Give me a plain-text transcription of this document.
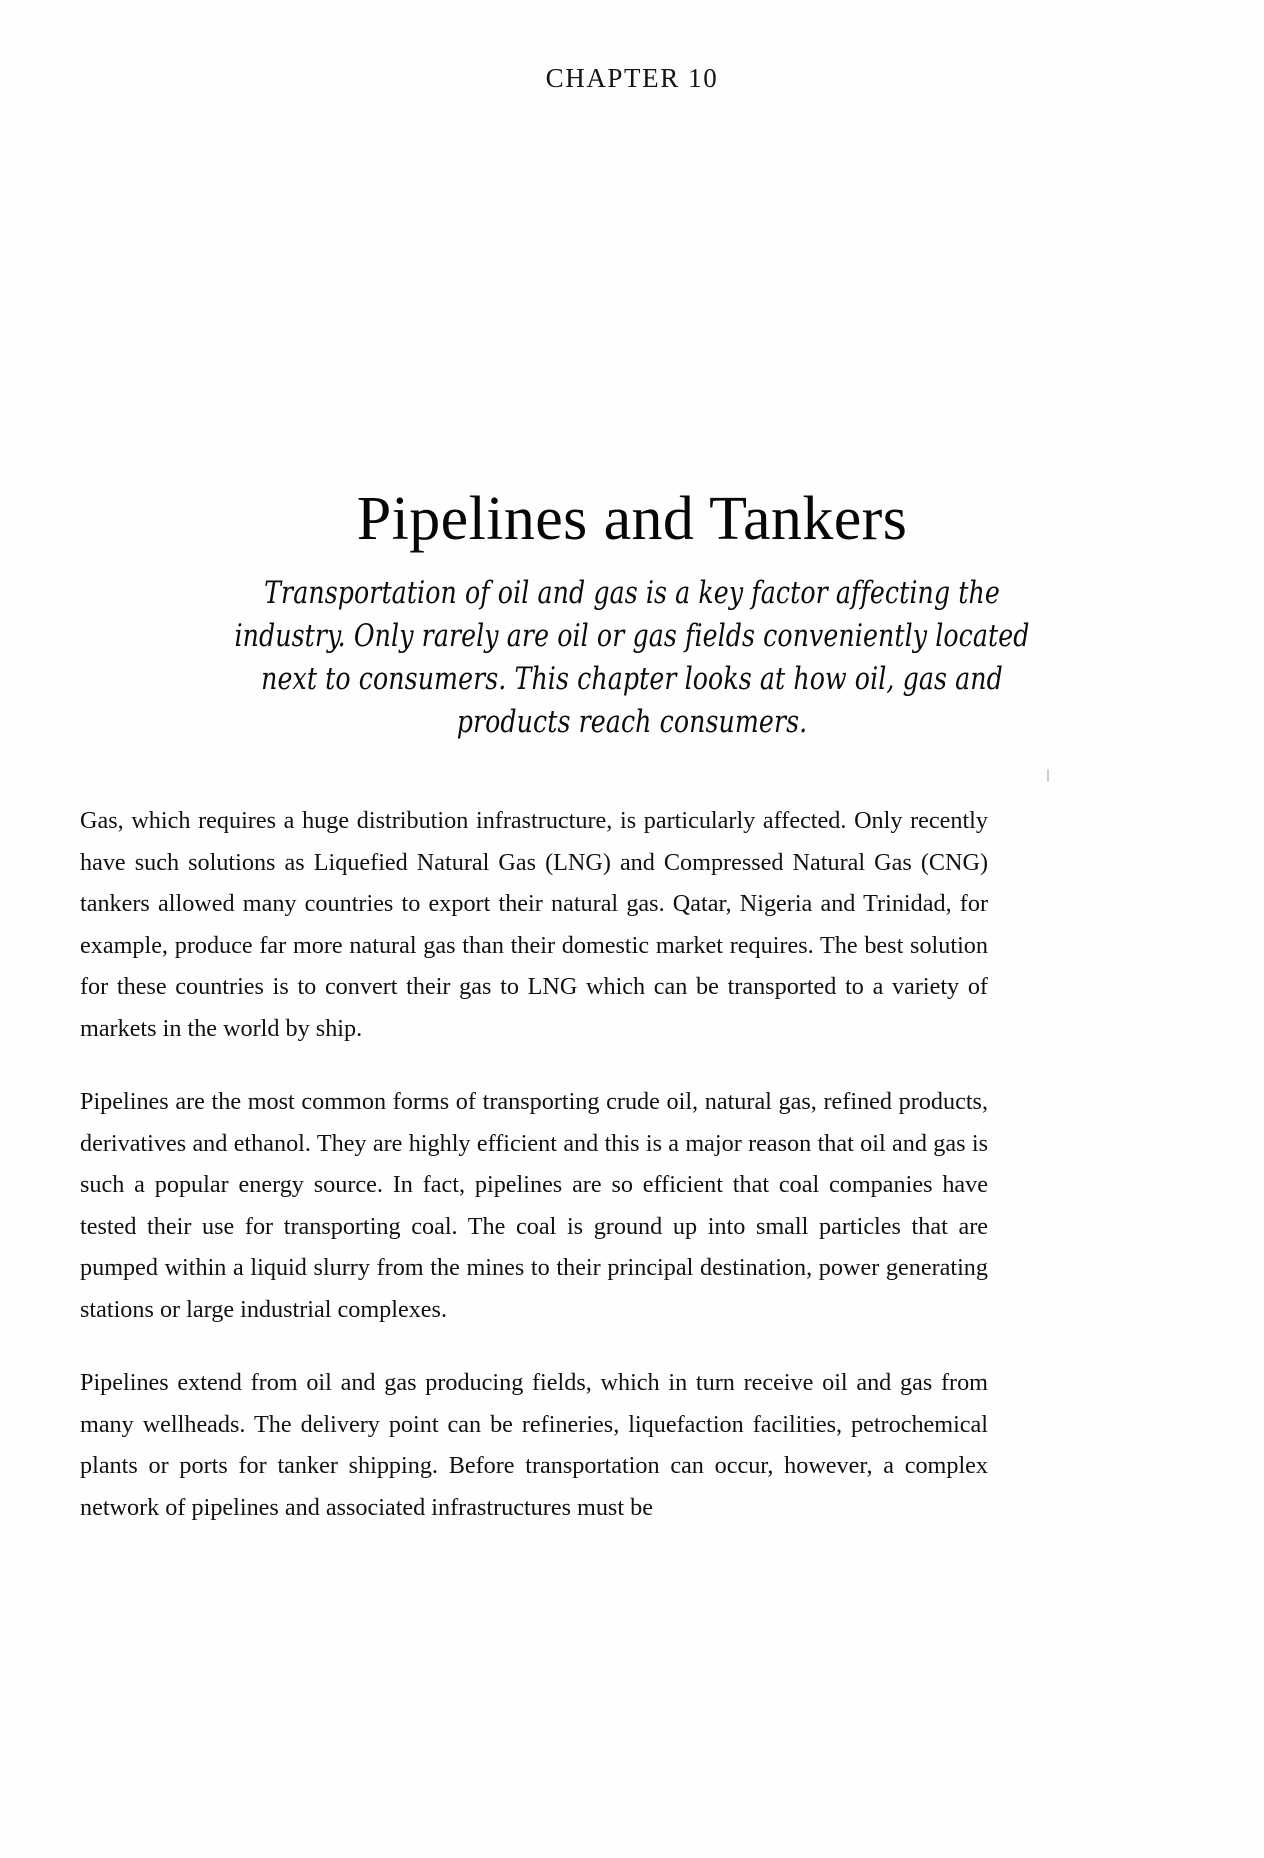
CHAPTER 10
Pipelines and Tankers
Transportation of oil and gas is a key factor affecting the
industry. Only rarely are oil or gas fields conveniently located
next to consumers. This chapter looks at how oil, gas and
products reach consumers.

Gas, which requires a huge distribution infrastructure, is particularly affected. Only recently have such solutions as Liquefied Natural Gas (LNG) and Compressed Natural Gas (CNG) tankers allowed many countries to export their natural gas. Qatar, Nigeria and Trinidad, for example, produce far more natural gas than their domestic market requires. The best solution for these countries is to convert their gas to LNG which can be transported to a variety of markets in the world by ship.

Pipelines are the most common forms of transporting crude oil, natural gas, refined products, derivatives and ethanol. They are highly efficient and this is a major reason that oil and gas is such a popular energy source. In fact, pipelines are so efficient that coal companies have tested their use for transporting coal. The coal is ground up into small particles that are pumped within a liquid slurry from the mines to their principal destination, power generating stations or large industrial complexes.

Pipelines extend from oil and gas producing fields, which in turn receive oil and gas from many wellheads. The delivery point can be refineries, liquefaction facilities, petrochemical plants or ports for tanker shipping. Before transportation can occur, however, a complex network of pipelines and associated infrastructures must be
